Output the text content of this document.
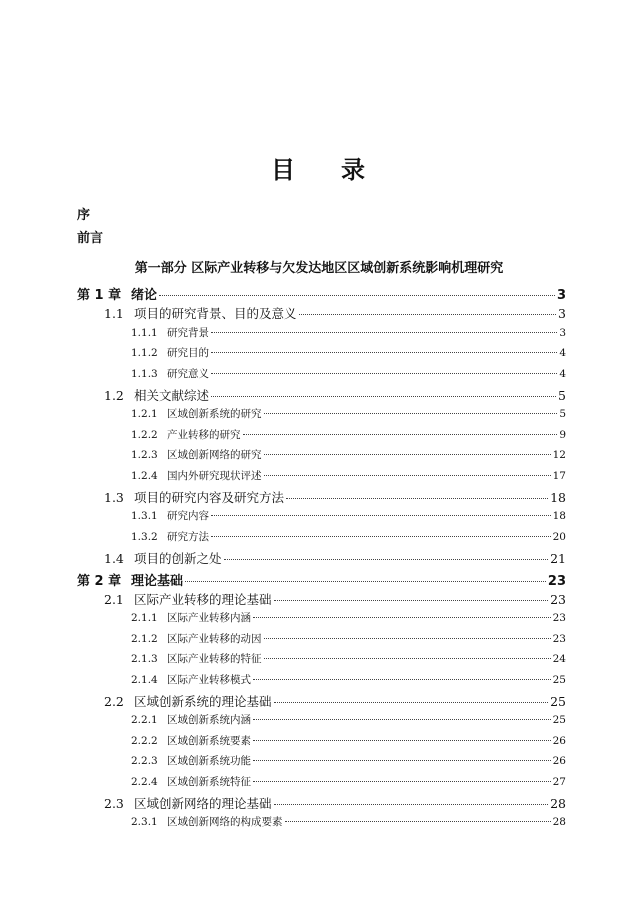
目 录
序
前言
第一部分 区际产业转移与欠发达地区区域创新系统影响机理研究
第 1 章 绪论	3
1.1 项目的研究背景、目的及意义	3
1.1.1 研究背景	3
1.1.2 研究目的	4
1.1.3 研究意义	4
1.2 相关文献综述	5
1.2.1 区域创新系统的研究	5
1.2.2 产业转移的研究	9
1.2.3 区域创新网络的研究	12
1.2.4 国内外研究现状评述	17
1.3 项目的研究内容及研究方法	18
1.3.1 研究内容	18
1.3.2 研究方法	20
1.4 项目的创新之处	21
第 2 章 理论基础	23
2.1 区际产业转移的理论基础	23
2.1.1 区际产业转移内涵	23
2.1.2 区际产业转移的动因	23
2.1.3 区际产业转移的特征	24
2.1.4 区际产业转移模式	25
2.2 区域创新系统的理论基础	25
2.2.1 区域创新系统内涵	25
2.2.2 区域创新系统要素	26
2.2.3 区域创新系统功能	26
2.2.4 区域创新系统特征	27
2.3 区域创新网络的理论基础	28
2.3.1 区域创新网络的构成要素	28
